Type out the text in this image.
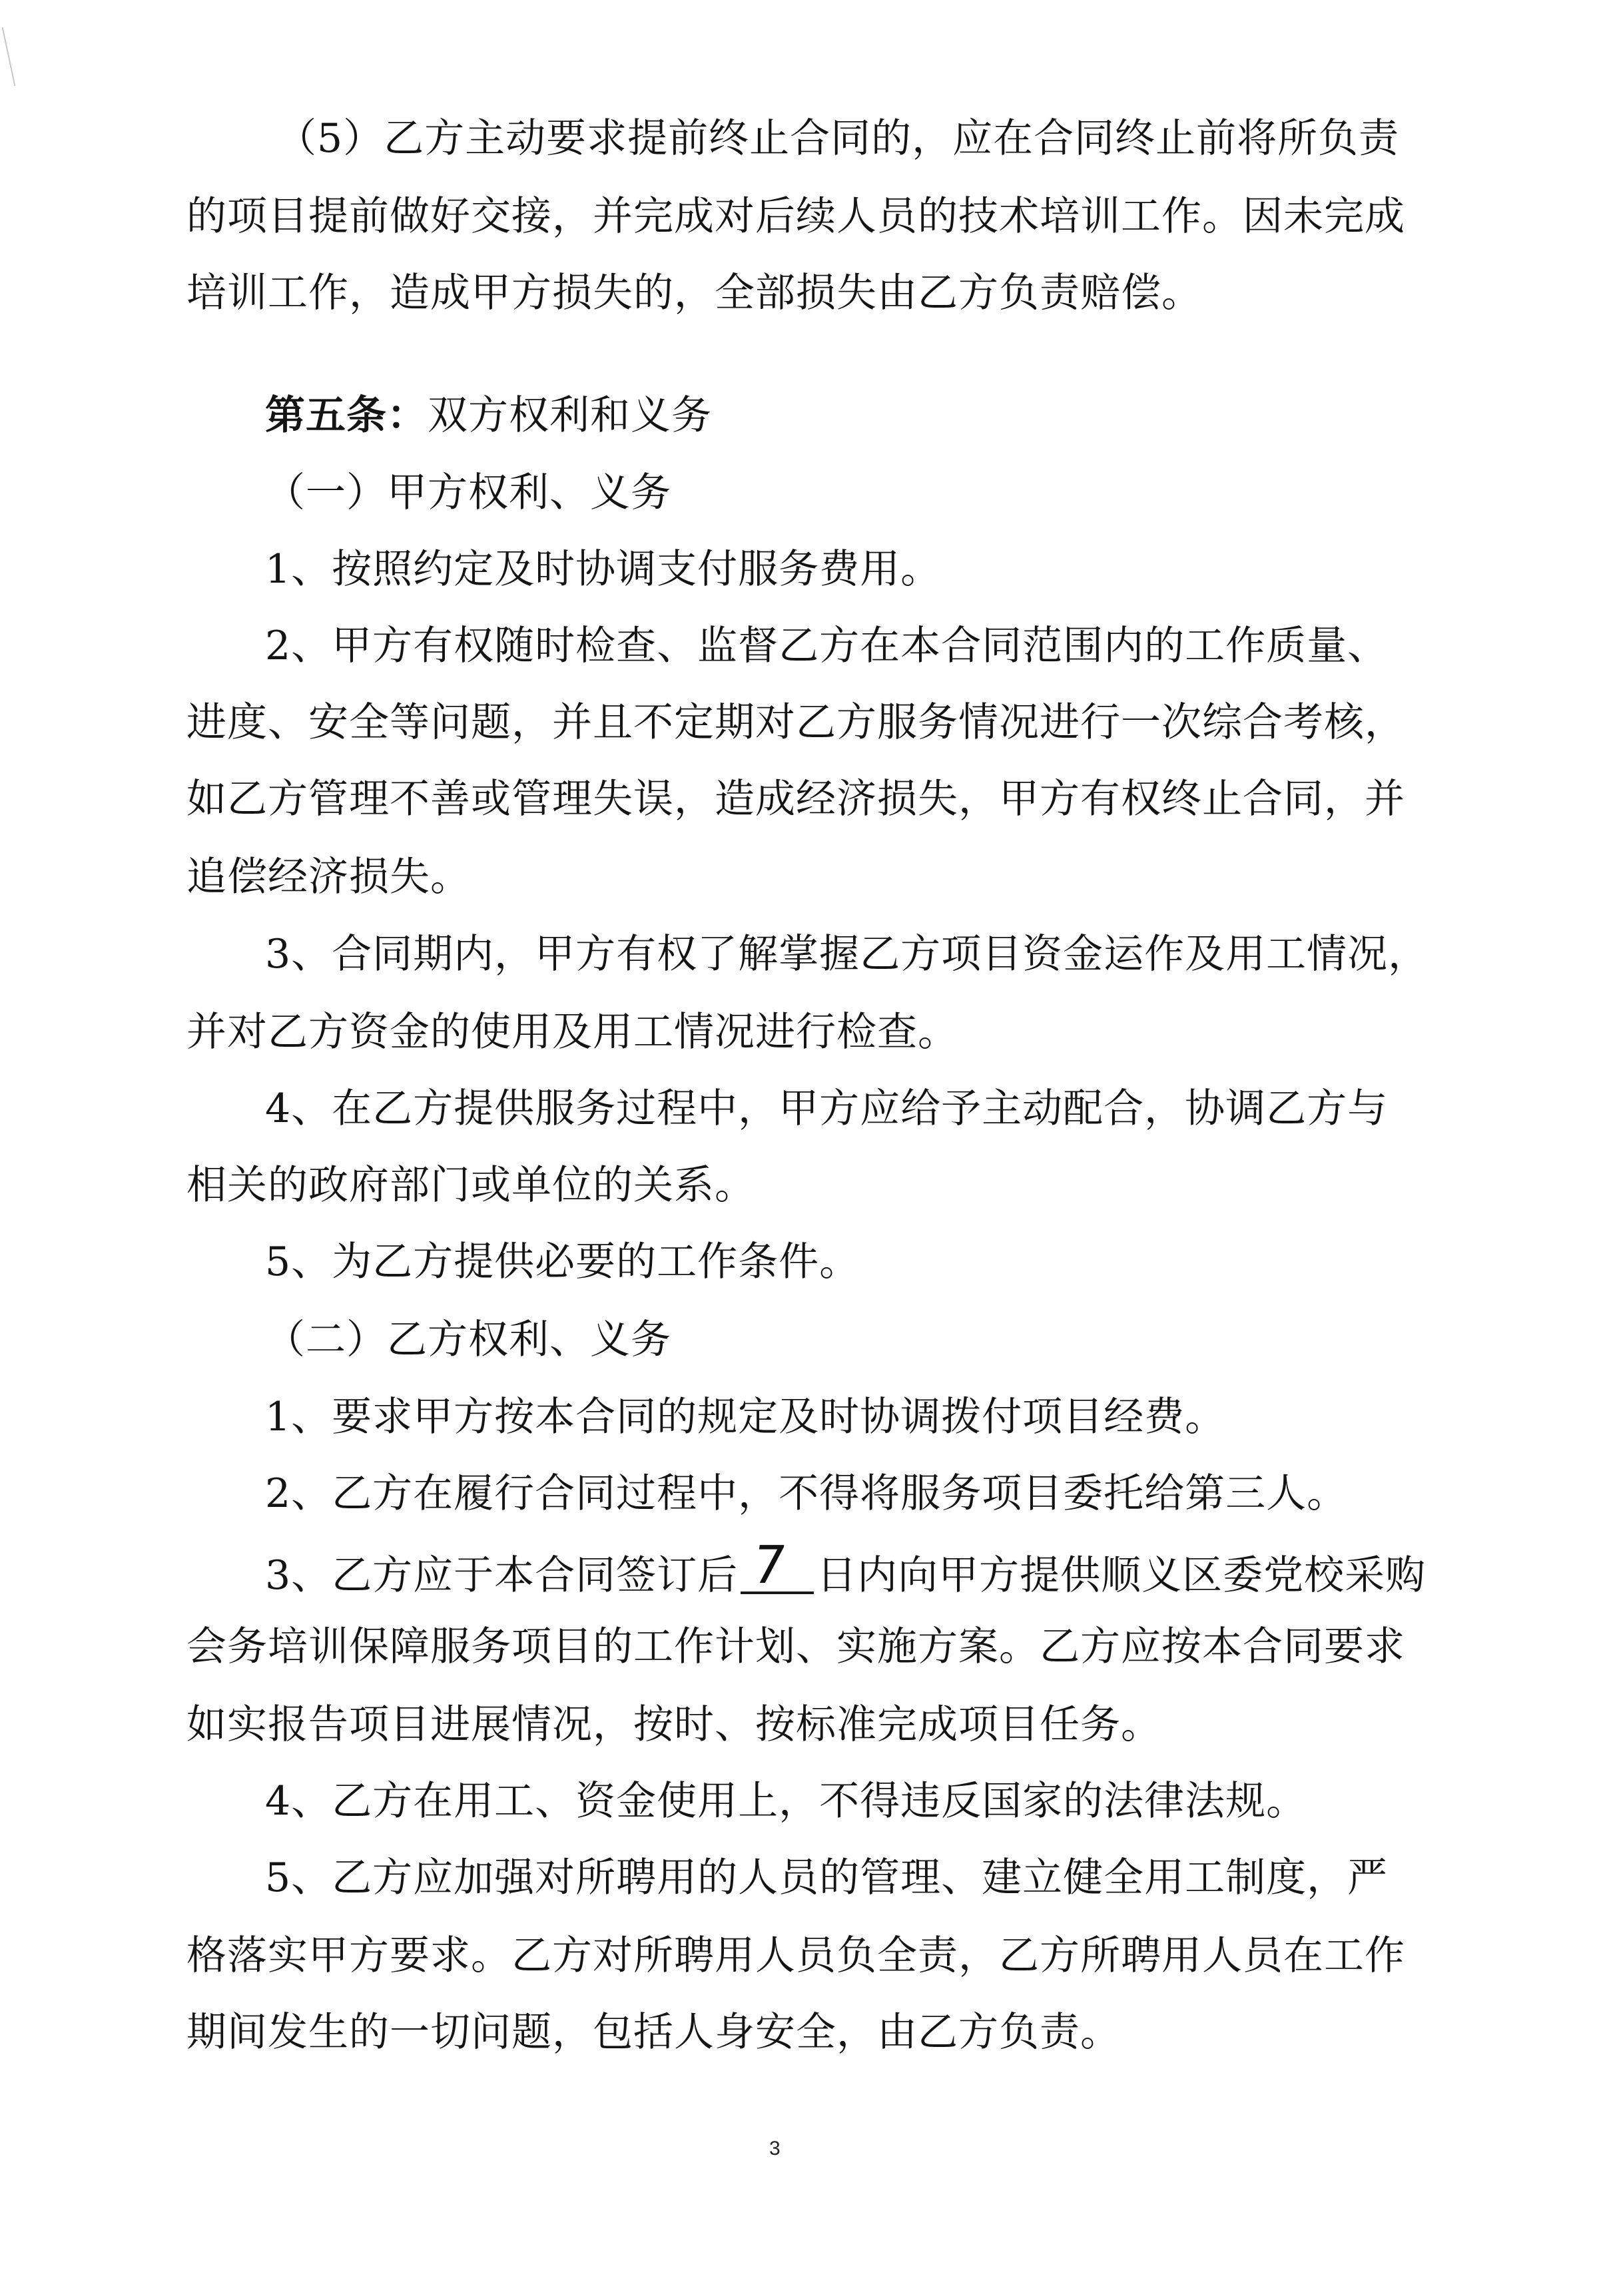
（5）乙方主动要求提前终止合同的，应在合同终止前将所负责
的项目提前做好交接，并完成对后续人员的技术培训工作。因未完成
培训工作，造成甲方损失的，全部损失由乙方负责赔偿。
第五条：双方权利和义务
（一）甲方权利、义务
1、按照约定及时协调支付服务费用。
2、甲方有权随时检查、监督乙方在本合同范围内的工作质量、
进度、安全等问题，并且不定期对乙方服务情况进行一次综合考核，
如乙方管理不善或管理失误，造成经济损失，甲方有权终止合同，并
追偿经济损失。
3、合同期内，甲方有权了解掌握乙方项目资金运作及用工情况，
并对乙方资金的使用及用工情况进行检查。
4、在乙方提供服务过程中，甲方应给予主动配合，协调乙方与
相关的政府部门或单位的关系。
5、为乙方提供必要的工作条件。
（二）乙方权利、义务
1、要求甲方按本合同的规定及时协调拨付项目经费。
2、乙方在履行合同过程中，不得将服务项目委托给第三人。
3、乙方应于本合同签订后 7 日内向甲方提供顺义区委党校采购
会务培训保障服务项目的工作计划、实施方案。乙方应按本合同要求
如实报告项目进展情况，按时、按标准完成项目任务。
4、乙方在用工、资金使用上，不得违反国家的法律法规。
5、乙方应加强对所聘用的人员的管理、建立健全用工制度，严
格落实甲方要求。乙方对所聘用人员负全责，乙方所聘用人员在工作
期间发生的一切问题，包括人身安全，由乙方负责。
3
